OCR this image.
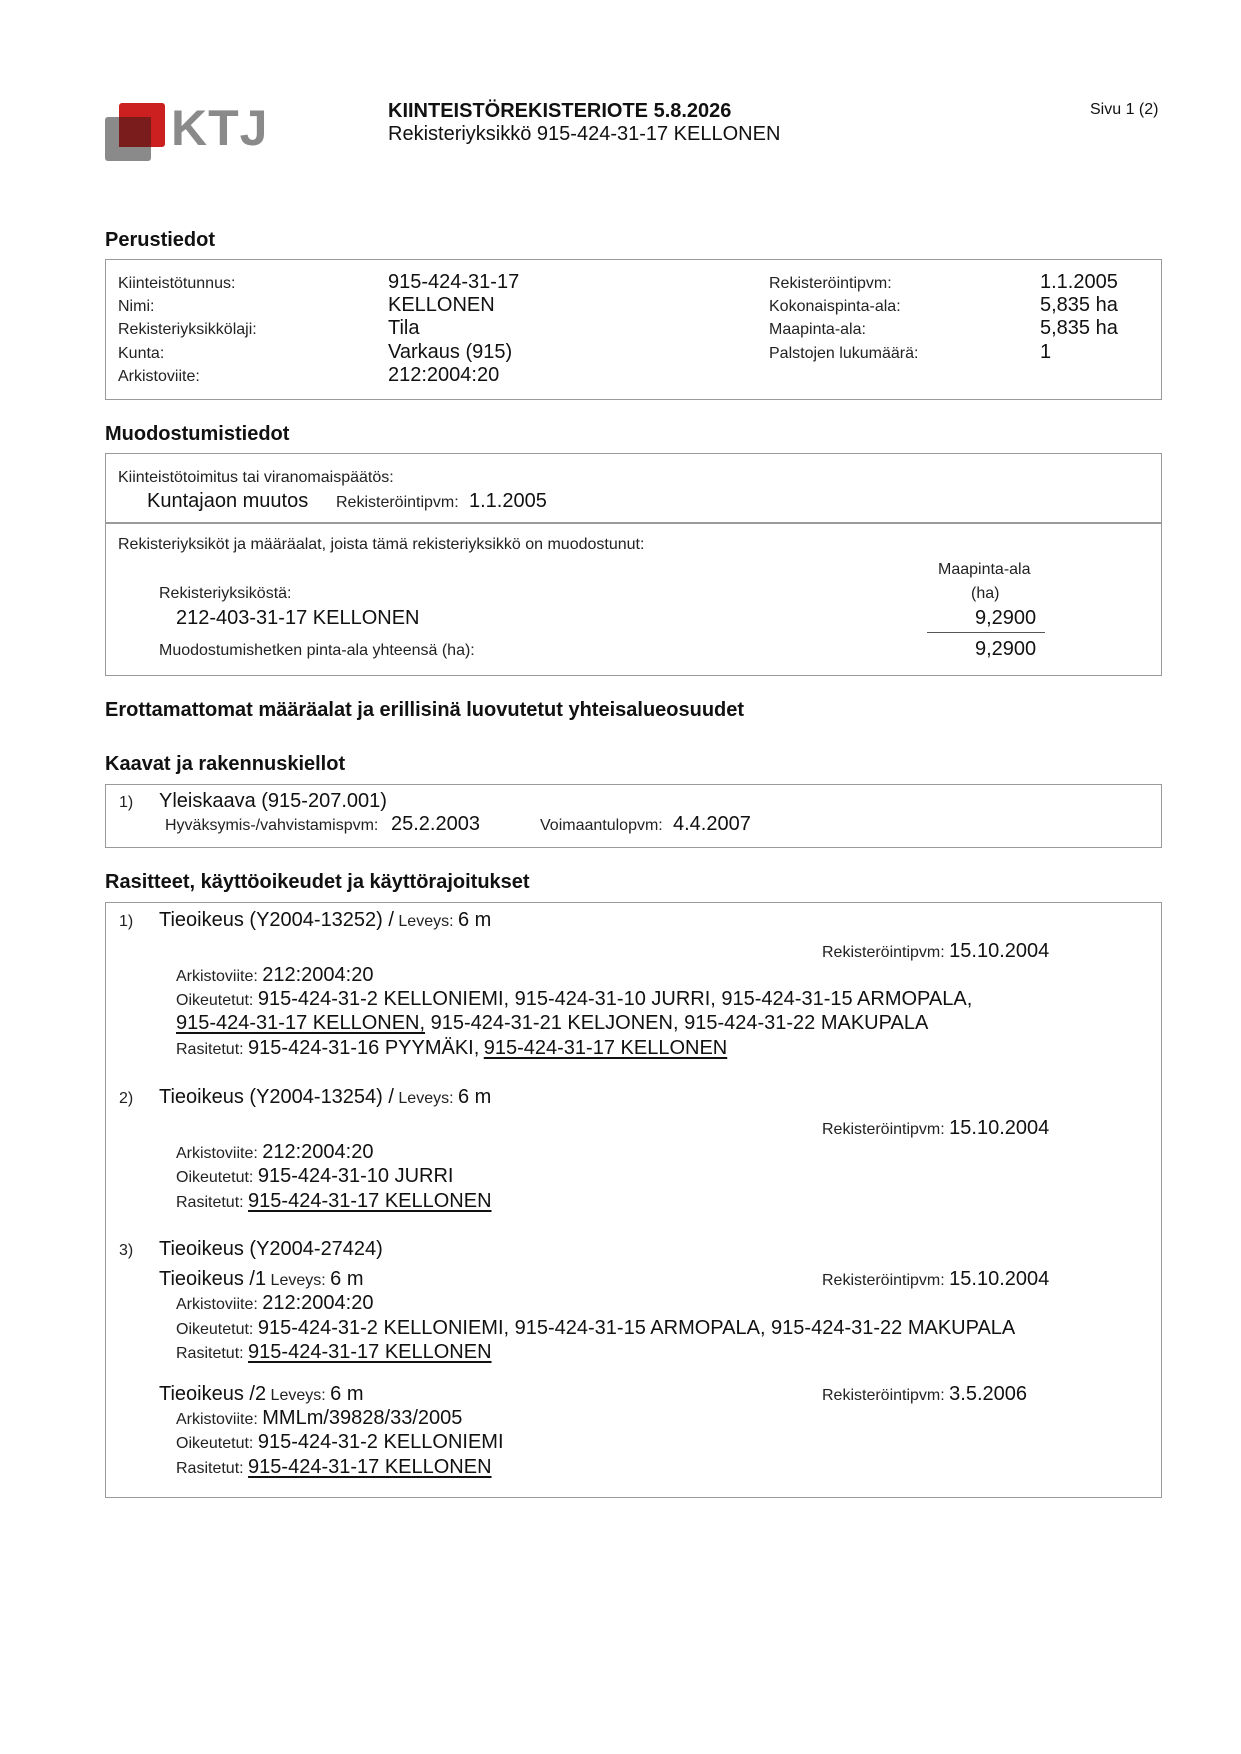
KTJ	KIINTEISTÖREKISTERIOTE 5.8.2026
Rekisteriyksikkö 915-424-31-17 KELLONEN
Sivu 1 (2)
Perustiedot
Kiinteistötunnus:	915-424-31-17
Nimi:	KELLONEN
Rekisteriyksikkölaji:	Tila
Kunta:	Varkaus (915)
Arkistoviite:	212:2004:20
Rekisteröintipvm:	1.1.2005
Kokonaispinta-ala:	5,835 ha
Maapinta-ala:	5,835 ha
Palstojen lukumäärä:	1
Muodostumistiedot
Kiinteistötoimitus tai viranomaispäätös:
Kuntajaon muutos Rekisteröintipvm: 1.1.2005
Rekisteriyksiköt ja määräalat, joista tämä rekisteriyksikkö on muodostunut:
Maapinta-ala
(ha)
Rekisteriyksiköstä:
212-403-31-17 KELLONEN	9,2900
Muodostumishetken pinta-ala yhteensä (ha):	9,2900
Erottamattomat määräalat ja erillisinä luovutetut yhteisalueosuudet
Kaavat ja rakennuskiellot
1) Yleiskaava (915-207.001)
Hyväksymis-/vahvistamispvm: 25.2.2003	Voimaantulopvm: 4.4.2007
Rasitteet, käyttöoikeudet ja käyttörajoitukset
1) Tieoikeus (Y2004-13252) / Leveys: 6 m
Rekisteröintipvm: 15.10.2004
Arkistoviite: 212:2004:20
Oikeutetut: 915-424-31-2 KELLONIEMI, 915-424-31-10 JURRI, 915-424-31-15 ARMOPALA,
915-424-31-17 KELLONEN, 915-424-31-21 KELJONEN, 915-424-31-22 MAKUPALA
Rasitetut: 915-424-31-16 PYYMÄKI, 915-424-31-17 KELLONEN
2) Tieoikeus (Y2004-13254) / Leveys: 6 m
Rekisteröintipvm: 15.10.2004
Arkistoviite: 212:2004:20
Oikeutetut: 915-424-31-10 JURRI
Rasitetut: 915-424-31-17 KELLONEN
3) Tieoikeus (Y2004-27424)
Tieoikeus /1 Leveys: 6 m	Rekisteröintipvm: 15.10.2004
Arkistoviite: 212:2004:20
Oikeutetut: 915-424-31-2 KELLONIEMI, 915-424-31-15 ARMOPALA, 915-424-31-22 MAKUPALA
Rasitetut: 915-424-31-17 KELLONEN
Tieoikeus /2 Leveys: 6 m	Rekisteröintipvm: 3.5.2006
Arkistoviite: MMLm/39828/33/2005
Oikeutetut: 915-424-31-2 KELLONIEMI
Rasitetut: 915-424-31-17 KELLONEN
